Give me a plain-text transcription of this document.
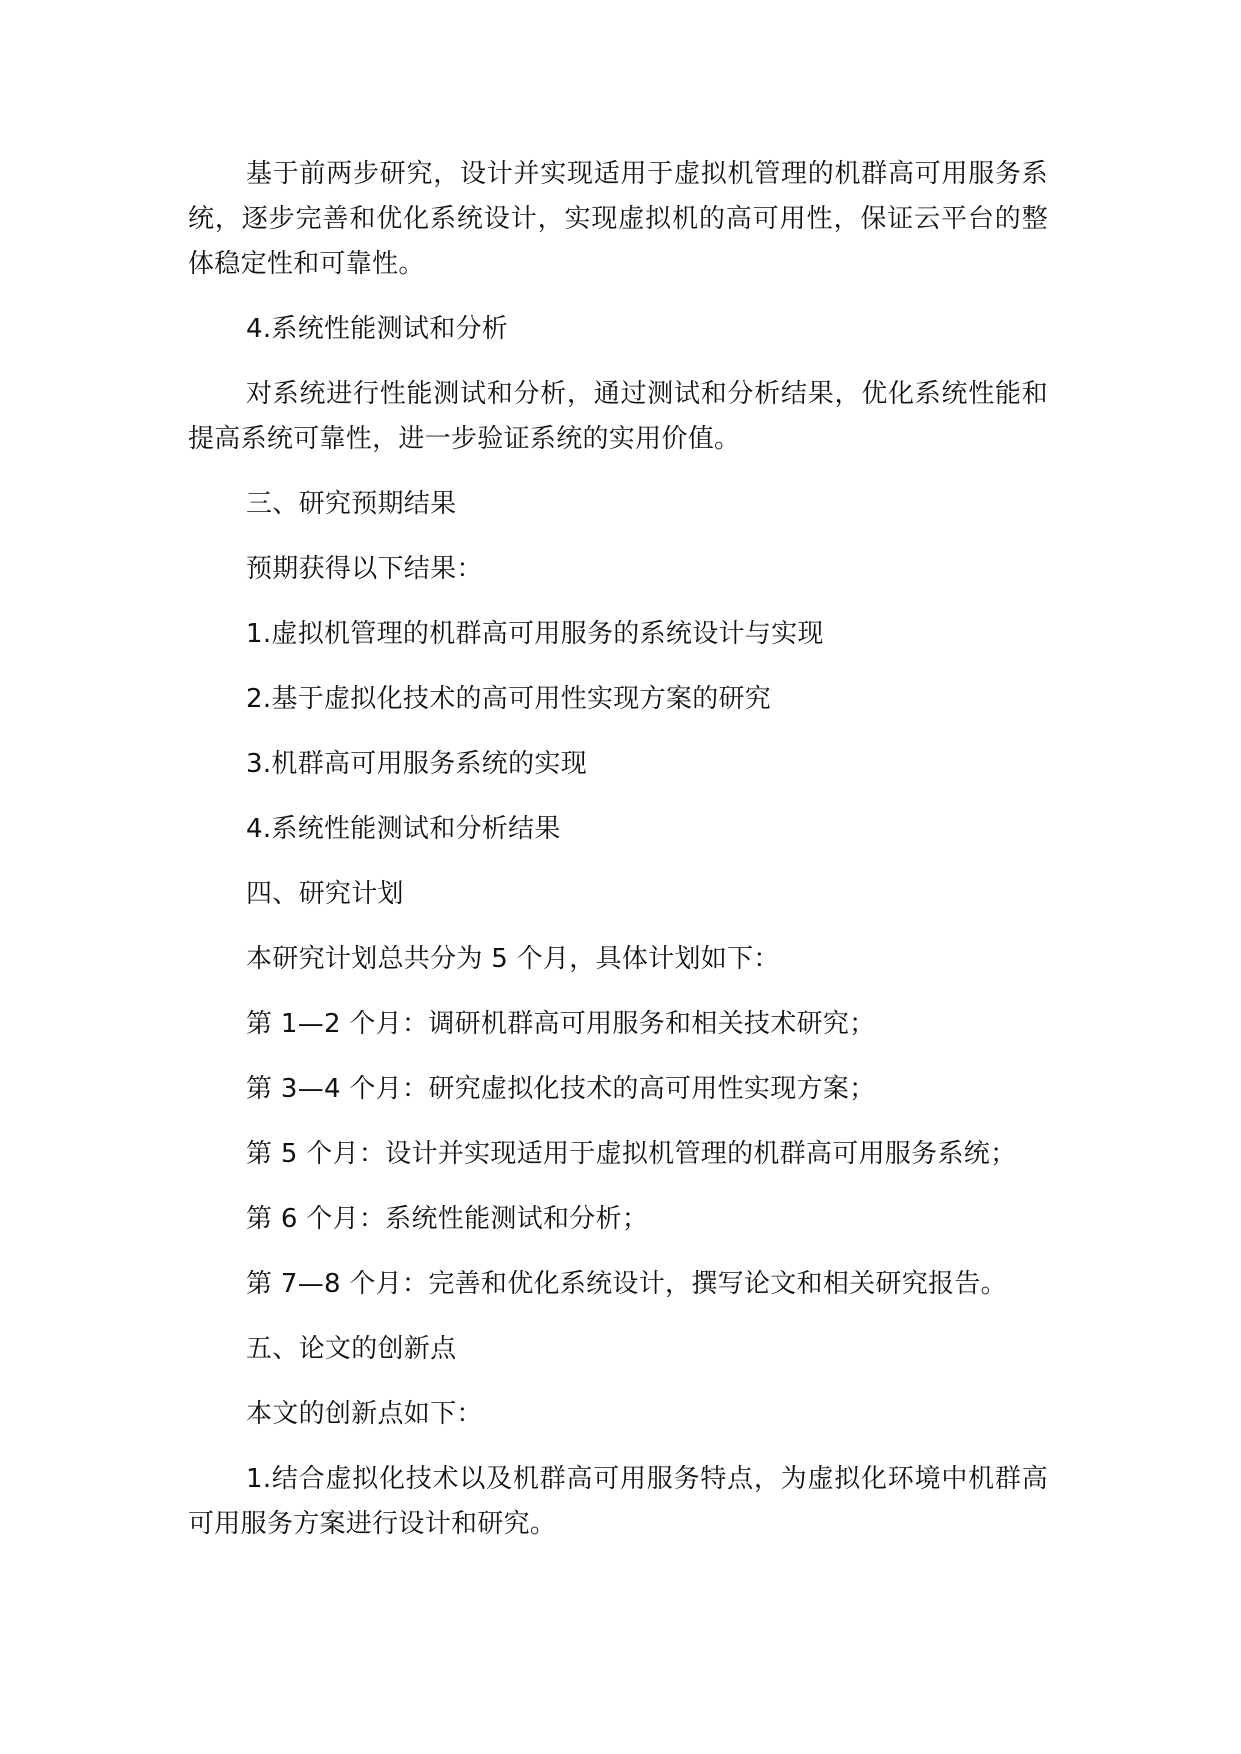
基于前两步研究，设计并实现适用于虚拟机管理的机群高可用服务系统，逐步完善和优化系统设计，实现虚拟机的高可用性，保证云平台的整体稳定性和可靠性。

4.系统性能测试和分析

对系统进行性能测试和分析，通过测试和分析结果，优化系统性能和提高系统可靠性，进一步验证系统的实用价值。

三、研究预期结果

预期获得以下结果：

1.虚拟机管理的机群高可用服务的系统设计与实现

2.基于虚拟化技术的高可用性实现方案的研究

3.机群高可用服务系统的实现

4.系统性能测试和分析结果

四、研究计划

本研究计划总共分为 5 个月，具体计划如下：

第 1—2 个月：调研机群高可用服务和相关技术研究；

第 3—4 个月：研究虚拟化技术的高可用性实现方案；

第 5 个月：设计并实现适用于虚拟机管理的机群高可用服务系统；

第 6 个月：系统性能测试和分析；

第 7—8 个月：完善和优化系统设计，撰写论文和相关研究报告。

五、论文的创新点

本文的创新点如下：

1.结合虚拟化技术以及机群高可用服务特点，为虚拟化环境中机群高可用服务方案进行设计和研究。
